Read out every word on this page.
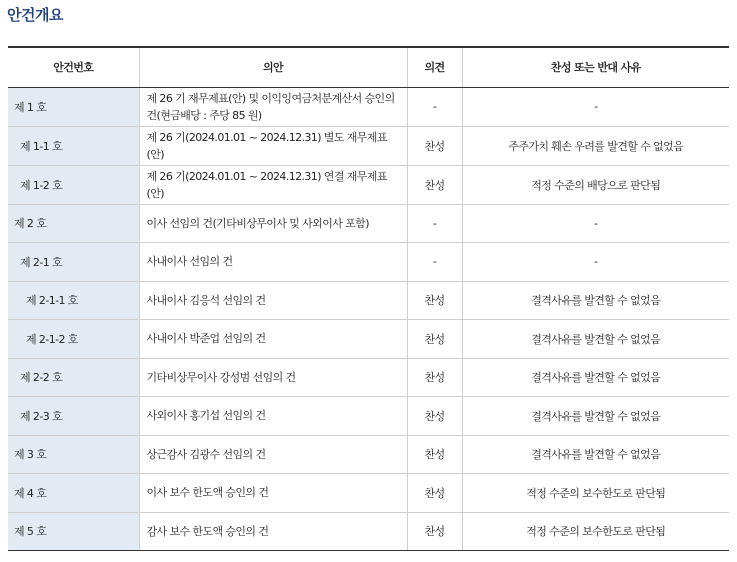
안건개요
안건번호	의안	의견	찬성 또는 반대 사유
제 1 호	제 26 기 재무제표(안) 및 이익잉여금처분계산서 승인의 건(현금배당 : 주당 85 원)	-	-
제 1-1 호	제 26 기(2024.01.01 ~ 2024.12.31) 별도 재무제표(안)	찬성	주주가치 훼손 우려를 발견할 수 없었음
제 1-2 호	제 26 기(2024.01.01 ~ 2024.12.31) 연결 재무제표(안)	찬성	적정 수준의 배당으로 판단됨
제 2 호	이사 선임의 건(기타비상무이사 및 사외이사 포함)	-	-
제 2-1 호	사내이사 선임의 건	-	-
제 2-1-1 호	사내이사 김응석 선임의 건	찬성	결격사유를 발견할 수 없었음
제 2-1-2 호	사내이사 박준업 선임의 건	찬성	결격사유를 발견할 수 없었음
제 2-2 호	기타비상무이사 강성범 선임의 건	찬성	결격사유를 발견할 수 없었음
제 2-3 호	사외이사 홍기섭 선임의 건	찬성	결격사유를 발견할 수 없었음
제 3 호	상근감사 김광수 선임의 건	찬성	결격사유를 발견할 수 없었음
제 4 호	이사 보수 한도액 승인의 건	찬성	적정 수준의 보수한도로 판단됨
제 5 호	감사 보수 한도액 승인의 건	찬성	적정 수준의 보수한도로 판단됨
